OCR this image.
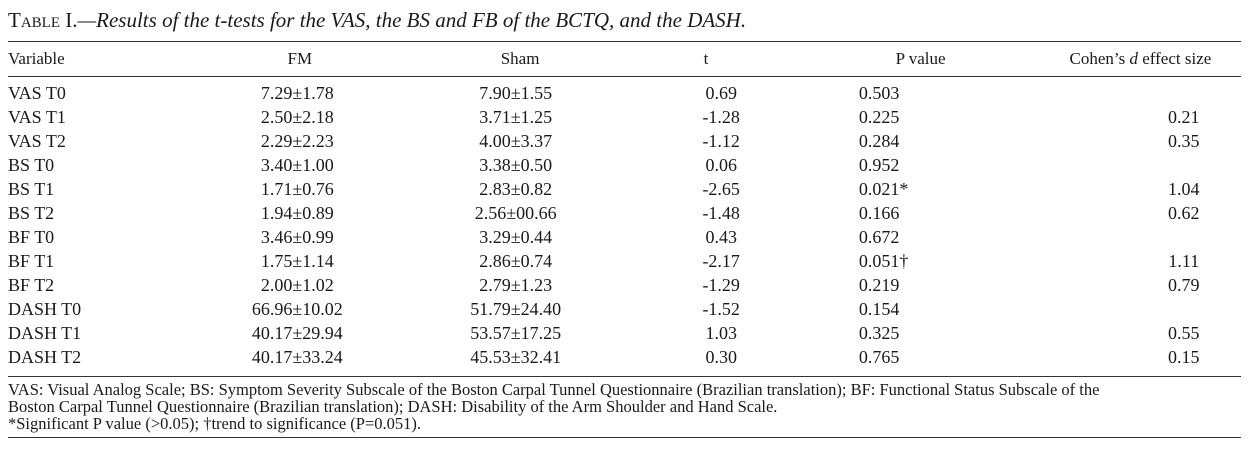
Table I.—Results of the t-tests for the VAS, the BS and FB of the BCTQ, and the DASH.
Variable	FM	Sham	t	P value	Cohen’s d effect size
VAS T0	7.29±1.78	7.90±1.55	0.69	0.503
VAS T1	2.50±2.18	3.71±1.25	-1.28	0.225	0.21
VAS T2	2.29±2.23	4.00±3.37	-1.12	0.284	0.35
BS T0	3.40±1.00	3.38±0.50	0.06	0.952
BS T1	1.71±0.76	2.83±0.82	-2.65	0.021*	1.04
BS T2	1.94±0.89	2.56±00.66	-1.48	0.166	0.62
BF T0	3.46±0.99	3.29±0.44	0.43	0.672
BF T1	1.75±1.14	2.86±0.74	-2.17	0.051†	1.11
BF T2	2.00±1.02	2.79±1.23	-1.29	0.219	0.79
DASH T0	66.96±10.02	51.79±24.40	-1.52	0.154
DASH T1	40.17±29.94	53.57±17.25	1.03	0.325	0.55
DASH T2	40.17±33.24	45.53±32.41	0.30	0.765	0.15
VAS: Visual Analog Scale; BS: Symptom Severity Subscale of the Boston Carpal Tunnel Questionnaire (Brazilian translation); BF: Functional Status Subscale of the
Boston Carpal Tunnel Questionnaire (Brazilian translation); DASH: Disability of the Arm Shoulder and Hand Scale.
*Significant P value (>0.05); †trend to significance (P=0.051).
